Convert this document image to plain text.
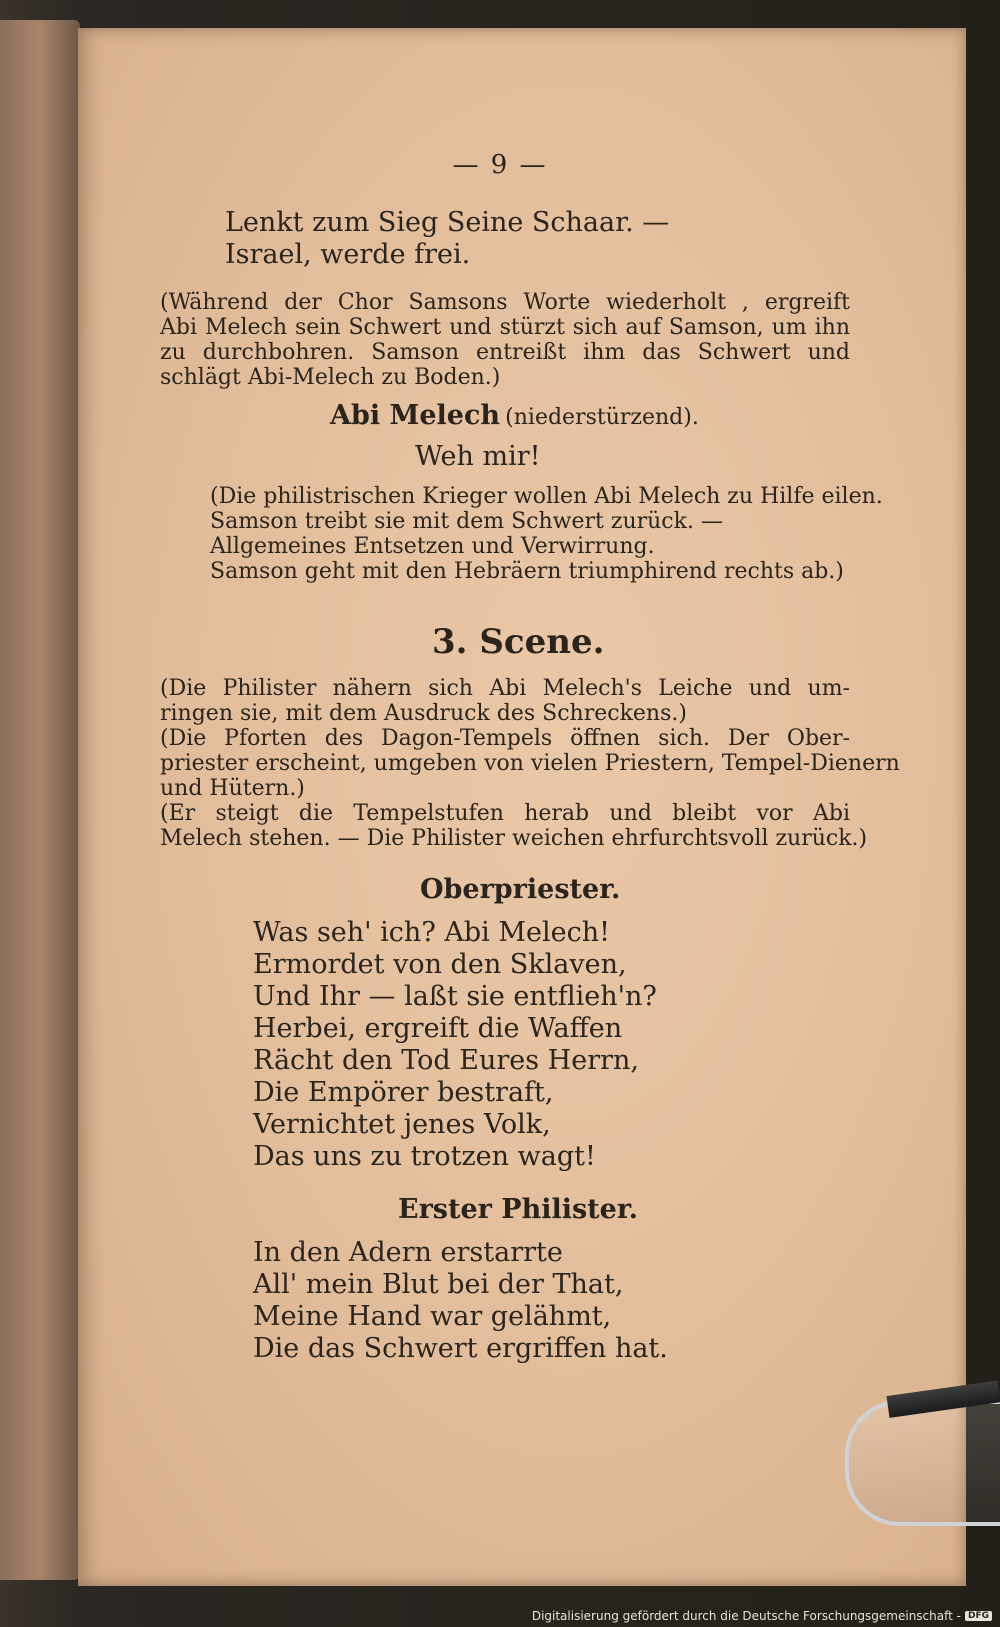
— 9 —
Lenkt zum Sieg Seine Schaar. —
Israel, werde frei.
(Während der Chor Samsons Worte wiederholt , ergreift
Abi Melech sein Schwert und stürzt sich auf Samson, um ihn
zu durchbohren. Samson entreißt ihm das Schwert und
schlägt Abi-Melech zu Boden.)
Abi Melech (niederstürzend).
Weh mir!
(Die philistrischen Krieger wollen Abi Melech zu Hilfe eilen.
Samson treibt sie mit dem Schwert zurück. —
Allgemeines Entsetzen und Verwirrung.
Samson geht mit den Hebräern triumphirend rechts ab.)
3. Scene.
(Die Philister nähern sich Abi Melech's Leiche und um-
ringen sie, mit dem Ausdruck des Schreckens.)
(Die Pforten des Dagon-Tempels öffnen sich. Der Ober-
priester erscheint, umgeben von vielen Priestern, Tempel-Dienern
und Hütern.)
(Er steigt die Tempelstufen herab und bleibt vor Abi
Melech stehen. — Die Philister weichen ehrfurchtsvoll zurück.)
Oberpriester.
Was seh' ich? Abi Melech!
Ermordet von den Sklaven,
Und Ihr — laßt sie entflieh'n?
Herbei, ergreift die Waffen
Rächt den Tod Eures Herrn,
Die Empörer bestraft,
Vernichtet jenes Volk,
Das uns zu trotzen wagt!
Erster Philister.
In den Adern erstarrte
All' mein Blut bei der That,
Meine Hand war gelähmt,
Die das Schwert ergriffen hat.
Digitalisierung gefördert durch die Deutsche Forschungsgemeinschaft - DFG
